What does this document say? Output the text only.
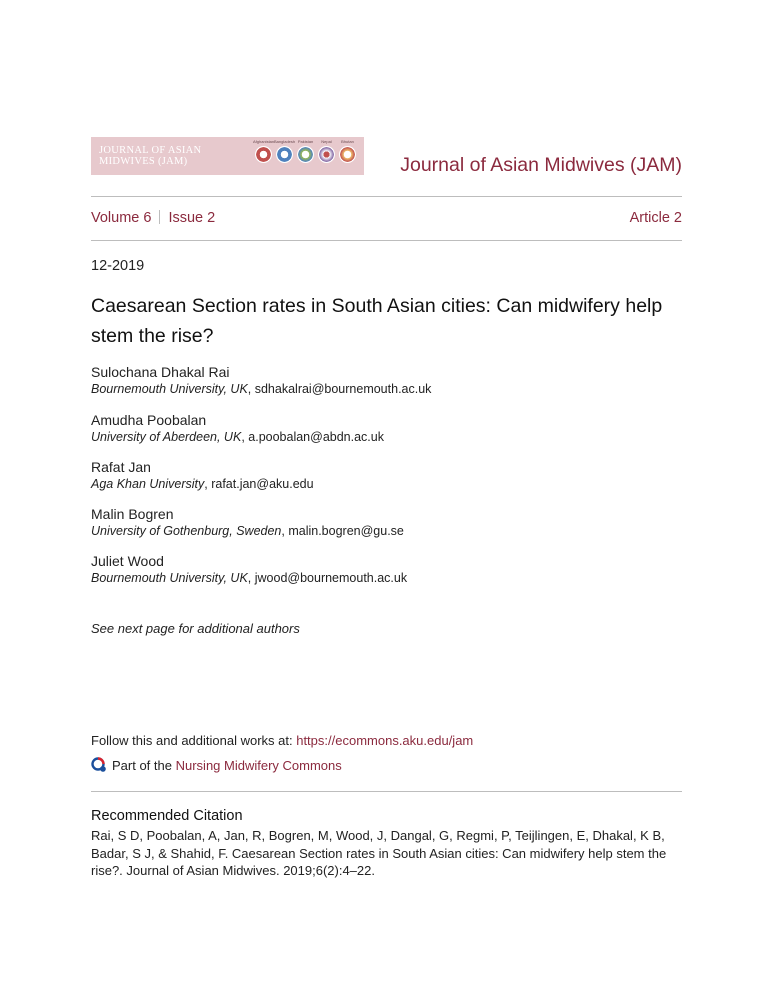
JOURNAL OF ASIAN
MIDWIVES (JAM)
Afghanistan Bangladesh Pakistan	Nepal	Bhutan
Journal of Asian Midwives (JAM)
Volume 6 Issue 2	Article 2
12-2019
Caesarean Section rates in South Asian cities: Can midwifery help stem the rise?
Sulochana Dhakal Rai
Bournemouth University, UK, sdhakalrai@bournemouth.ac.uk
Amudha Poobalan
University of Aberdeen, UK, a.poobalan@abdn.ac.uk
Rafat Jan
Aga Khan University, rafat.jan@aku.edu
Malin Bogren
University of Gothenburg, Sweden, malin.bogren@gu.se
Juliet Wood
Bournemouth University, UK, jwood@bournemouth.ac.uk
See next page for additional authors
Follow this and additional works at: https://ecommons.aku.edu/jam
Part of the
Nursing Midwifery Commons
Recommended Citation
Rai, S D, Poobalan, A, Jan, R, Bogren, M, Wood, J, Dangal, G, Regmi, P, Teijlingen, E, Dhakal, K B, Badar, S J, & Shahid, F. Caesarean Section rates in South Asian cities: Can midwifery help stem the rise?. Journal of Asian Midwives. 2019;6(2):4–22.
